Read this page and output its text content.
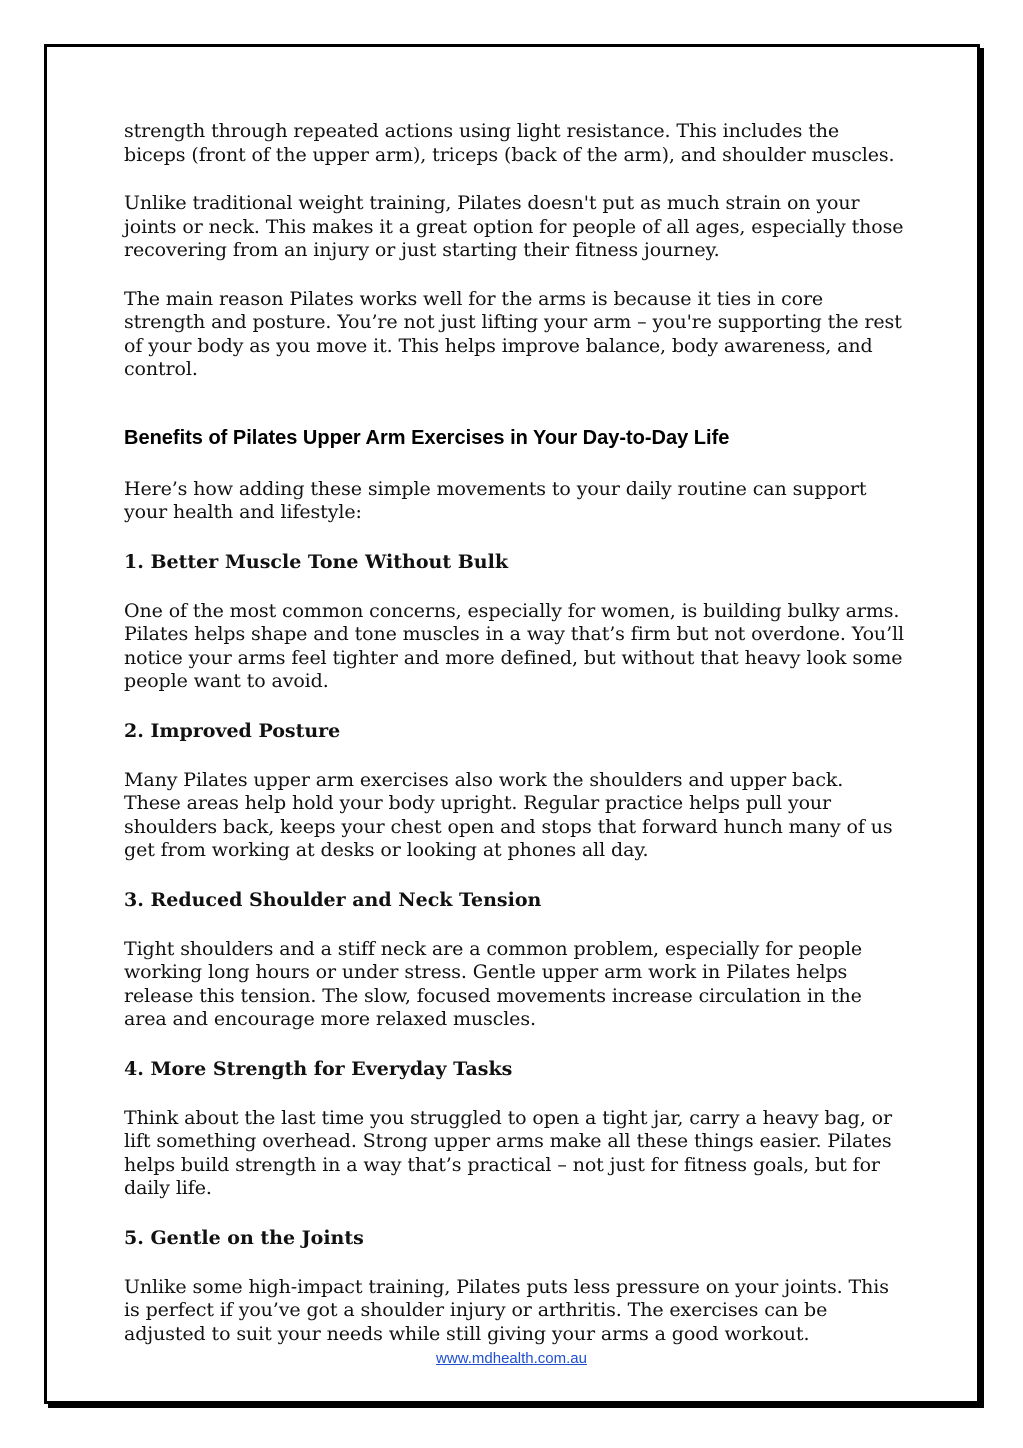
strength through repeated actions using light resistance. This includes the biceps (front of the upper arm), triceps (back of the arm), and shoulder muscles.

Unlike traditional weight training, Pilates doesn't put as much strain on your joints or neck. This makes it a great option for people of all ages, especially those recovering from an injury or just starting their fitness journey.

The main reason Pilates works well for the arms is because it ties in core strength and posture. You’re not just lifting your arm – you're supporting the rest of your body as you move it. This helps improve balance, body awareness, and control.

Benefits of Pilates Upper Arm Exercises in Your Day-to-Day Life

Here’s how adding these simple movements to your daily routine can support your health and lifestyle:

1. Better Muscle Tone Without Bulk

One of the most common concerns, especially for women, is building bulky arms. Pilates helps shape and tone muscles in a way that’s firm but not overdone. You’ll notice your arms feel tighter and more defined, but without that heavy look some people want to avoid.

2. Improved Posture

Many Pilates upper arm exercises also work the shoulders and upper back. These areas help hold your body upright. Regular practice helps pull your shoulders back, keeps your chest open and stops that forward hunch many of us get from working at desks or looking at phones all day.

3. Reduced Shoulder and Neck Tension

Tight shoulders and a stiff neck are a common problem, especially for people working long hours or under stress. Gentle upper arm work in Pilates helps release this tension. The slow, focused movements increase circulation in the area and encourage more relaxed muscles.

4. More Strength for Everyday Tasks

Think about the last time you struggled to open a tight jar, carry a heavy bag, or lift something overhead. Strong upper arms make all these things easier. Pilates helps build strength in a way that’s practical – not just for fitness goals, but for daily life.

5. Gentle on the Joints

Unlike some high-impact training, Pilates puts less pressure on your joints. This is perfect if you’ve got a shoulder injury or arthritis. The exercises can be adjusted to suit your needs while still giving your arms a good workout.

www.mdhealth.com.au
